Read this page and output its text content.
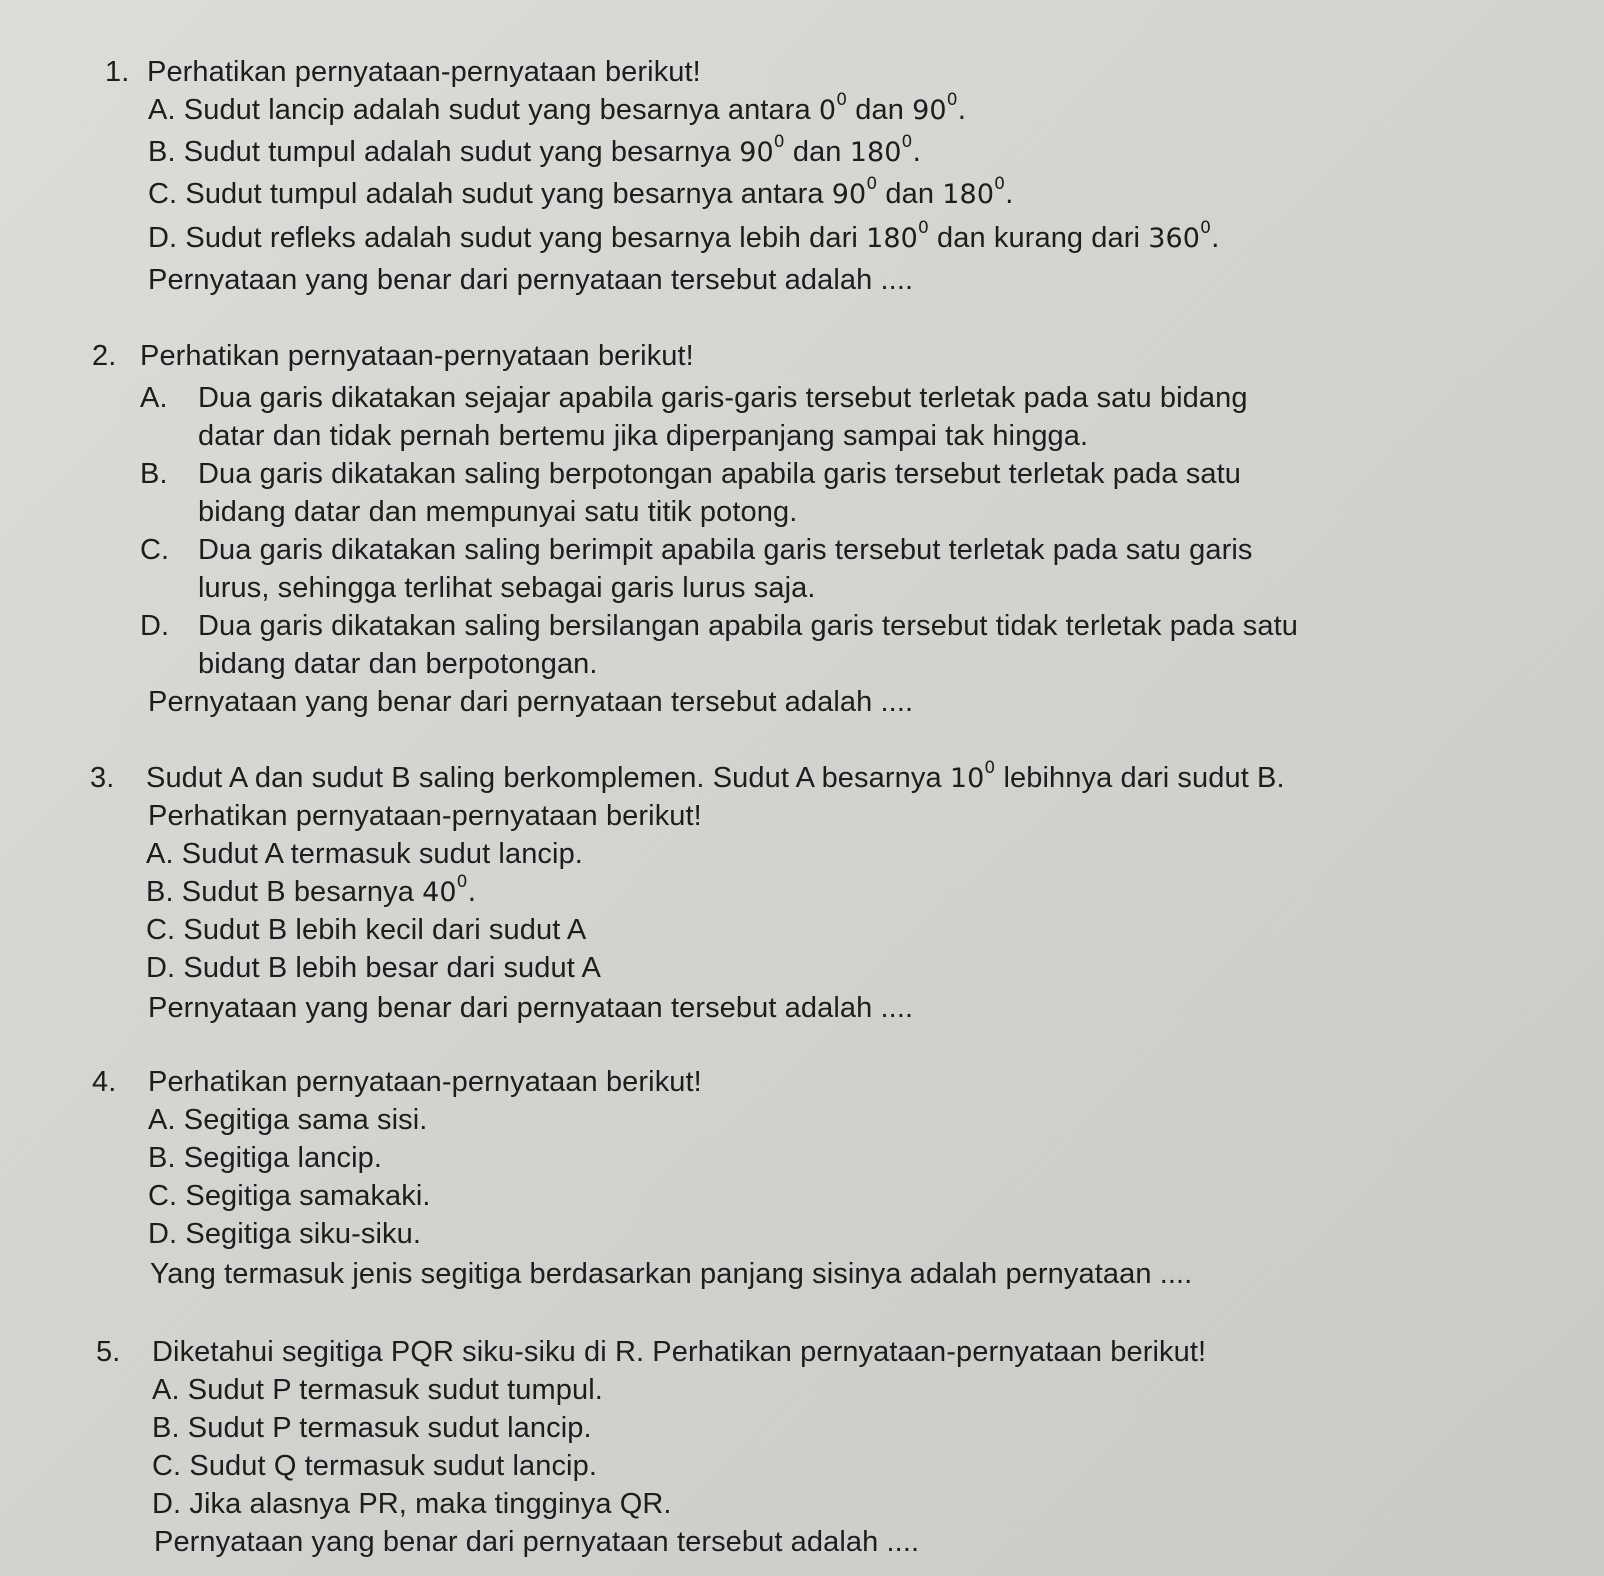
1. Perhatikan pernyataan-pernyataan berikut!
A. Sudut lancip adalah sudut yang besarnya antara $0^0$ dan $90^0$.
B. Sudut tumpul adalah sudut yang besarnya $90^0$ dan $180^0$.
C. Sudut tumpul adalah sudut yang besarnya antara $90^0$ dan $180^0$.
D. Sudut refleks adalah sudut yang besarnya lebih dari $180^0$ dan kurang dari $360^0$.
Pernyataan yang benar dari pernyataan tersebut adalah ....
2. Perhatikan pernyataan-pernyataan berikut!
A. Dua garis dikatakan sejajar apabila garis-garis tersebut terletak pada satu bidang
datar dan tidak pernah bertemu jika diperpanjang sampai tak hingga.
B. Dua garis dikatakan saling berpotongan apabila garis tersebut terletak pada satu
bidang datar dan mempunyai satu titik potong.
C. Dua garis dikatakan saling berimpit apabila garis tersebut terletak pada satu garis
lurus, sehingga terlihat sebagai garis lurus saja.
D. Dua garis dikatakan saling bersilangan apabila garis tersebut tidak terletak pada satu
bidang datar dan berpotongan.
Pernyataan yang benar dari pernyataan tersebut adalah ....
3. Sudut A dan sudut B saling berkomplemen. Sudut A besarnya $10^0$ lebihnya dari sudut B.
Perhatikan pernyataan-pernyataan berikut!
A. Sudut A termasuk sudut lancip.
B. Sudut B besarnya $40^0$.
C. Sudut B lebih kecil dari sudut A
D. Sudut B lebih besar dari sudut A
Pernyataan yang benar dari pernyataan tersebut adalah ....
4. Perhatikan pernyataan-pernyataan berikut!
A. Segitiga sama sisi.
B. Segitiga lancip.
C. Segitiga samakaki.
D. Segitiga siku-siku.
Yang termasuk jenis segitiga berdasarkan panjang sisinya adalah pernyataan ....
5. Diketahui segitiga PQR siku-siku di R. Perhatikan pernyataan-pernyataan berikut!
A. Sudut P termasuk sudut tumpul.
B. Sudut P termasuk sudut lancip.
C. Sudut Q termasuk sudut lancip.
D. Jika alasnya PR, maka tingginya QR.
Pernyataan yang benar dari pernyataan tersebut adalah ....
